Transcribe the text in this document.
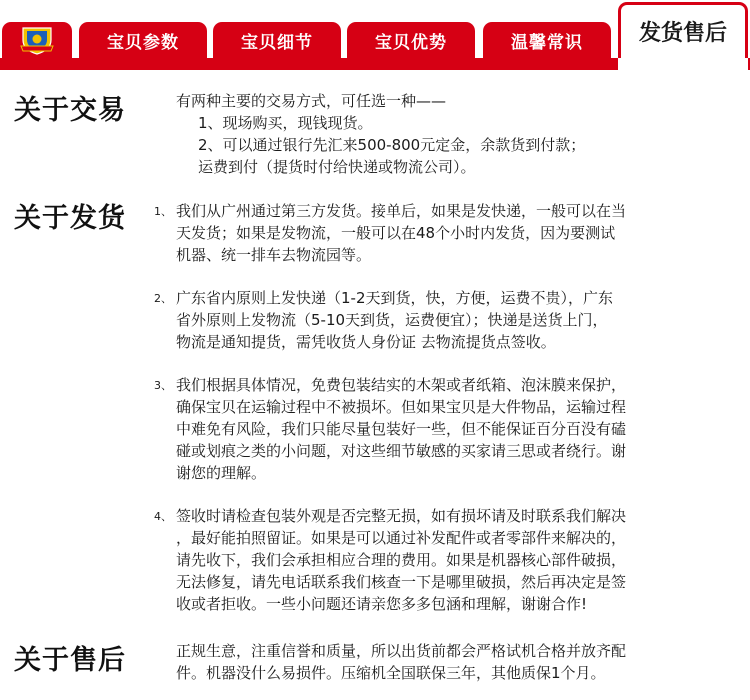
宝贝参数	宝贝细节	宝贝优势	温馨常识	发货售后
关于交易	有两种主要的交易方式，可任选一种——
1、现场购买，现钱现货。
2、可以通过银行先汇来500-800元定金，余款货到付款；
运费到付（提货时付给快递或物流公司）。
关于发货	1、 我们从广州通过第三方发货。接单后，如果是发快递，一般可以在当
天发货；如果是发物流，一般可以在48个小时内发货，因为要测试
机器、统一排车去物流园等。
2、 广东省内原则上发快递（1-2天到货，快，方便，运费不贵），广东
省外原则上发物流（5-10天到货，运费便宜）；快递是送货上门，
物流是通知提货，需凭收货人身份证 去物流提货点签收。
3、 我们根据具体情况，免费包装结实的木架或者纸箱、泡沫膜来保护，
确保宝贝在运输过程中不被损坏。但如果宝贝是大件物品，运输过程
中难免有风险，我们只能尽量包装好一些，但不能保证百分百没有磕
碰或划痕之类的小问题，对这些细节敏感的买家请三思或者绕行。谢
谢您的理解。
4、 签收时请检查包装外观是否完整无损，如有损坏请及时联系我们解决
，最好能拍照留证。如果是可以通过补发配件或者零部件来解决的，
请先收下，我们会承担相应合理的费用。如果是机器核心部件破损，
无法修复，请先电话联系我们核查一下是哪里破损，然后再决定是签
收或者拒收。一些小问题还请亲您多多包涵和理解，谢谢合作!
关于售后	正规生意，注重信誉和质量，所以出货前都会严格试机合格并放齐配
件。机器没什么易损件。压缩机全国联保三年，其他质保1个月。
